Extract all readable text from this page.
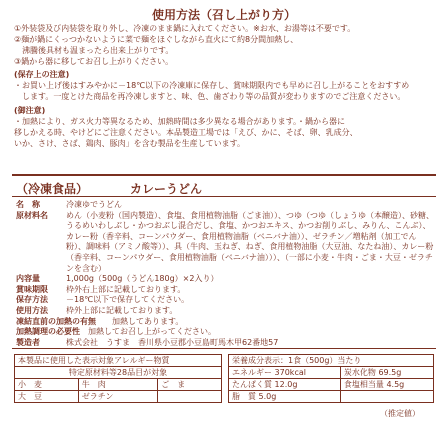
使用方法（召し上がり方）
①外装袋及び内装袋を取り外し、冷凍のまま鍋に入れてください。※お水、お湯等は不要です。
②麺が鍋にくっつかないように菜で麺をほぐしながら直火にて約8分間加熱し、
　沸騰後具材も温まったら出来上がりです。
③鍋から器に移してお召し上がりください。
(保存上の注意)
・お買い上げ後はすみやかに－18℃以下の冷凍庫に保存し、賞味期限内でも早めに召し上がることをおすすめ
　します。一度とけた商品を再冷凍しますと、味、色、歯ざわり等の品質が変わりますのでご注意ください。
(御注意)
・加熱により、ガス火力等異なるため、加熱時間は多少異なる場合があります。・鍋から器に
移しかえる時、やけどにご注意ください。本品製造工場では「えび、かに、そば、卵、乳成分、
いか、さけ、さば、鶏肉、豚肉」を含む製品を生産しています。
（冷凍食品）	カレーうどん
名　称	冷凍ゆでうどん
原材料名	めん（小麦粉（国内製造）、食塩、食用植物油脂（ごま油））、つゆ（つゆ（しょうゆ（本醸造）、砂糖、うるめいわしぶし・かつおぶし混合だし、食塩、かつおエキス、かつお削りぶし、みりん、こんぶ）、カレー粉（香辛料、コーンパウダー、食用植物油脂（ベニバナ油））、ゼラチン／増粘剤（加工でん粉）、調味料（アミノ酸等））、具（牛肉、玉ねぎ、ねぎ、食用植物油脂（大豆油、なたね油）、カレー粉（香辛料、コーンパウダー、食用植物油脂（ベニバナ油）））、（一部に小麦・牛肉・ごま・大豆・ゼラチンを含む）
内容量	1,000g（500g（うどん180g）×2入り）
賞味期限	枠外右上部に記載しております。
保存方法	－18℃以下で保存してください。
使用方法	枠外上部に記載しております。
凍結直前の加熱の有無	加熱してあります。
加熱調理の必要性	加熱してお召し上がってください。
製造者	株式会社　うすま　香川県小豆郡小豆島町馬木甲62番地57
本製品に使用した表示対象アレルギー物質		
特定原材料等28品目が対象		
小　麦	牛　肉	ご　ま
大　豆	ゼラチン	
栄養成分表示：1食（500g）当たり	
エネルギー 370kcal	炭水化物 69.5g
たんぱく質 12.0g	食塩相当量 4.5g
脂　質 5.0g	
（推定値）
